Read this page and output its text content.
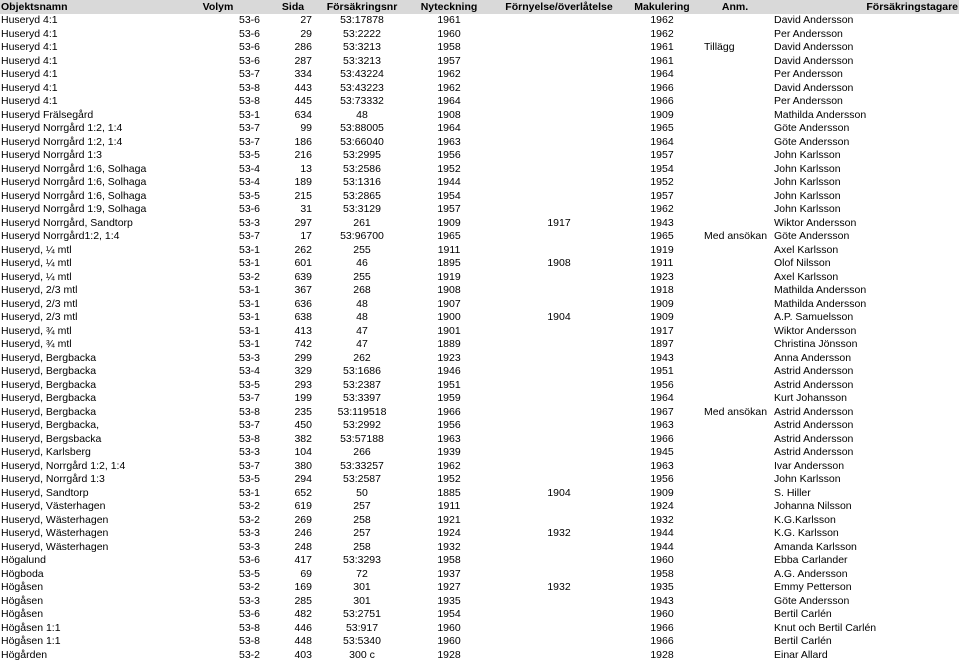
Objektsnamn	Volym	Sida	Försäkringsnr	Nyteckning	Förnyelse/överlåtelse	Makulering	Anm.	Försäkringstagare
Huseryd 4:1	53-6	27	53:17878	1961		1962		David Andersson
Huseryd 4:1	53-6	29	53:2222	1960		1962		Per Andersson
Huseryd 4:1	53-6	286	53:3213	1958		1961	Tillägg	David Andersson
Huseryd 4:1	53-6	287	53:3213	1957		1961		David Andersson
Huseryd 4:1	53-7	334	53:43224	1962		1964		Per Andersson
Huseryd 4:1	53-8	443	53:43223	1962		1966		David Andersson
Huseryd 4:1	53-8	445	53:73332	1964		1966		Per Andersson
Huseryd Frälsegård	53-1	634	48	1908		1909		Mathilda Andersson
Huseryd Norrgård 1:2, 1:4	53-7	99	53:88005	1964		1965		Göte Andersson
Huseryd Norrgård 1:2, 1:4	53-7	186	53:66040	1963		1964		Göte Andersson
Huseryd Norrgård 1:3	53-5	216	53:2995	1956		1957		John Karlsson
Huseryd Norrgård 1:6, Solhaga	53-4	13	53:2586	1952		1954		John Karlsson
Huseryd Norrgård 1:6, Solhaga	53-4	189	53:1316	1944		1952		John Karlsson
Huseryd Norrgård 1:6, Solhaga	53-5	215	53:2865	1954		1957		John Karlsson
Huseryd Norrgård 1:9, Solhaga	53-6	31	53:3129	1957		1962		John Karlsson
Huseryd Norrgård, Sandtorp	53-3	297	261	1909	1917	1943		Wiktor Andersson
Huseryd Norrgård1:2, 1:4	53-7	17	53:96700	1965		1965	Med ansökan	Göte Andersson
Huseryd, ¼ mtl	53-1	262	255	1911		1919		Axel Karlsson
Huseryd, ¼ mtl	53-1	601	46	1895	1908	1911		Olof Nilsson
Huseryd, ¼ mtl	53-2	639	255	1919		1923		Axel Karlsson
Huseryd, 2/3 mtl	53-1	367	268	1908		1918		Mathilda Andersson
Huseryd, 2/3 mtl	53-1	636	48	1907		1909		Mathilda Andersson
Huseryd, 2/3 mtl	53-1	638	48	1900	1904	1909		A.P. Samuelsson
Huseryd, ¾ mtl	53-1	413	47	1901		1917		Wiktor Andersson
Huseryd, ¾ mtl	53-1	742	47	1889		1897		Christina Jönsson
Huseryd, Bergbacka	53-3	299	262	1923		1943		Anna Andersson
Huseryd, Bergbacka	53-4	329	53:1686	1946		1951		Astrid Andersson
Huseryd, Bergbacka	53-5	293	53:2387	1951		1956		Astrid Andersson
Huseryd, Bergbacka	53-7	199	53:3397	1959		1964		Kurt Johansson
Huseryd, Bergbacka	53-8	235	53:119518	1966		1967	Med ansökan	Astrid Andersson
Huseryd, Bergbacka,	53-7	450	53:2992	1956		1963		Astrid Andersson
Huseryd, Bergsbacka	53-8	382	53:57188	1963		1966		Astrid Andersson
Huseryd, Karlsberg	53-3	104	266	1939		1945		Astrid Andersson
Huseryd, Norrgård 1:2, 1:4	53-7	380	53:33257	1962		1963		Ivar Andersson
Huseryd, Norrgård 1:3	53-5	294	53:2587	1952		1956		John Karlsson
Huseryd, Sandtorp	53-1	652	50	1885	1904	1909		S. Hiller
Huseryd, Västerhagen	53-2	619	257	1911		1924		Johanna Nilsson
Huseryd, Wästerhagen	53-2	269	258	1921		1932		K.G.Karlsson
Huseryd, Wästerhagen	53-3	246	257	1924	1932	1944		K.G. Karlsson
Huseryd, Wästerhagen	53-3	248	258	1932		1944		Amanda Karlsson
Högalund	53-6	417	53:3293	1958		1960		Ebba Carlander
Högboda	53-5	69	72	1937		1958		A.G. Andersson
Högåsen	53-2	169	301	1927	1932	1935		Emmy Petterson
Högåsen	53-3	285	301	1935		1943		Göte Andersson
Högåsen	53-6	482	53:2751	1954		1960		Bertil Carlén
Högåsen 1:1	53-8	446	53:917	1960		1966		Knut och Bertil Carlén
Högåsen 1:1	53-8	448	53:5340	1960		1966		Bertil Carlén
Högården	53-2	403	300 c	1928		1928		Einar Allard
